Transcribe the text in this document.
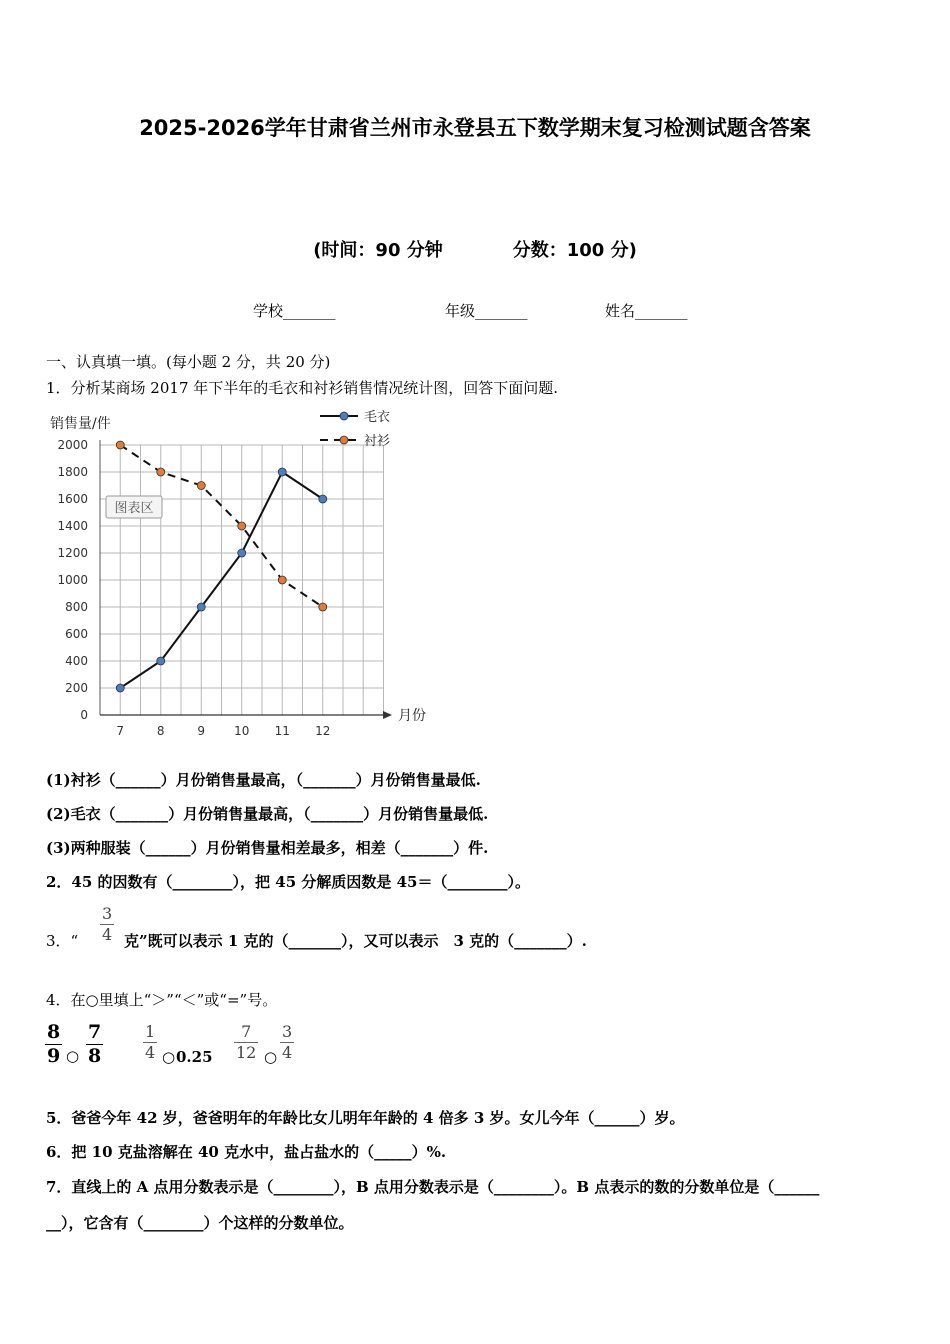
2025-2026学年甘肃省兰州市永登县五下数学期末复习检测试题含答案
(时间：90 分钟	分数：100 分)
学校_______	年级_______	姓名_______
一、认真填一填。(每小题 2 分，共 20 分)
1．分析某商场 2017 年下半年的毛衣和衬衫销售情况统计图，回答下面问题.
0
200
400
600
800
1000
1200
1400
1600
1800
2000
销售量/件
月份
7	8	9 10 11 12
图表区
毛衣
衬衫
(1)衬衫（______）月份销售量最高，（_______）月份销售量最低.
(2)毛衣（_______）月份销售量最高，（_______）月份销售量最低.
(3)两种服装（______）月份销售量相差最多，相差（_______）件.
2．45 的因数有（________），把 45 分解质因数是 45＝（________）。
3．“
3
4 克”既可以表示 1 克的（_______），又可以表示　3 克的（_______）.
4．在○里填上“＞”“＜”或“=”号。
8
9 ○
7
8
1
4 ○ 0.25
7
12 ○
3
4
5．爸爸今年 42 岁，爸爸明年的年龄比女儿明年年龄的 4 倍多 3 岁。女儿今年（______）岁。
6．把 10 克盐溶解在 40 克水中，盐占盐水的（_____）%.
7．直线上的 A 点用分数表示是（________），B 点用分数表示是（________）。B 点表示的数的分数单位是（______
__），它含有（________）个这样的分数单位。
